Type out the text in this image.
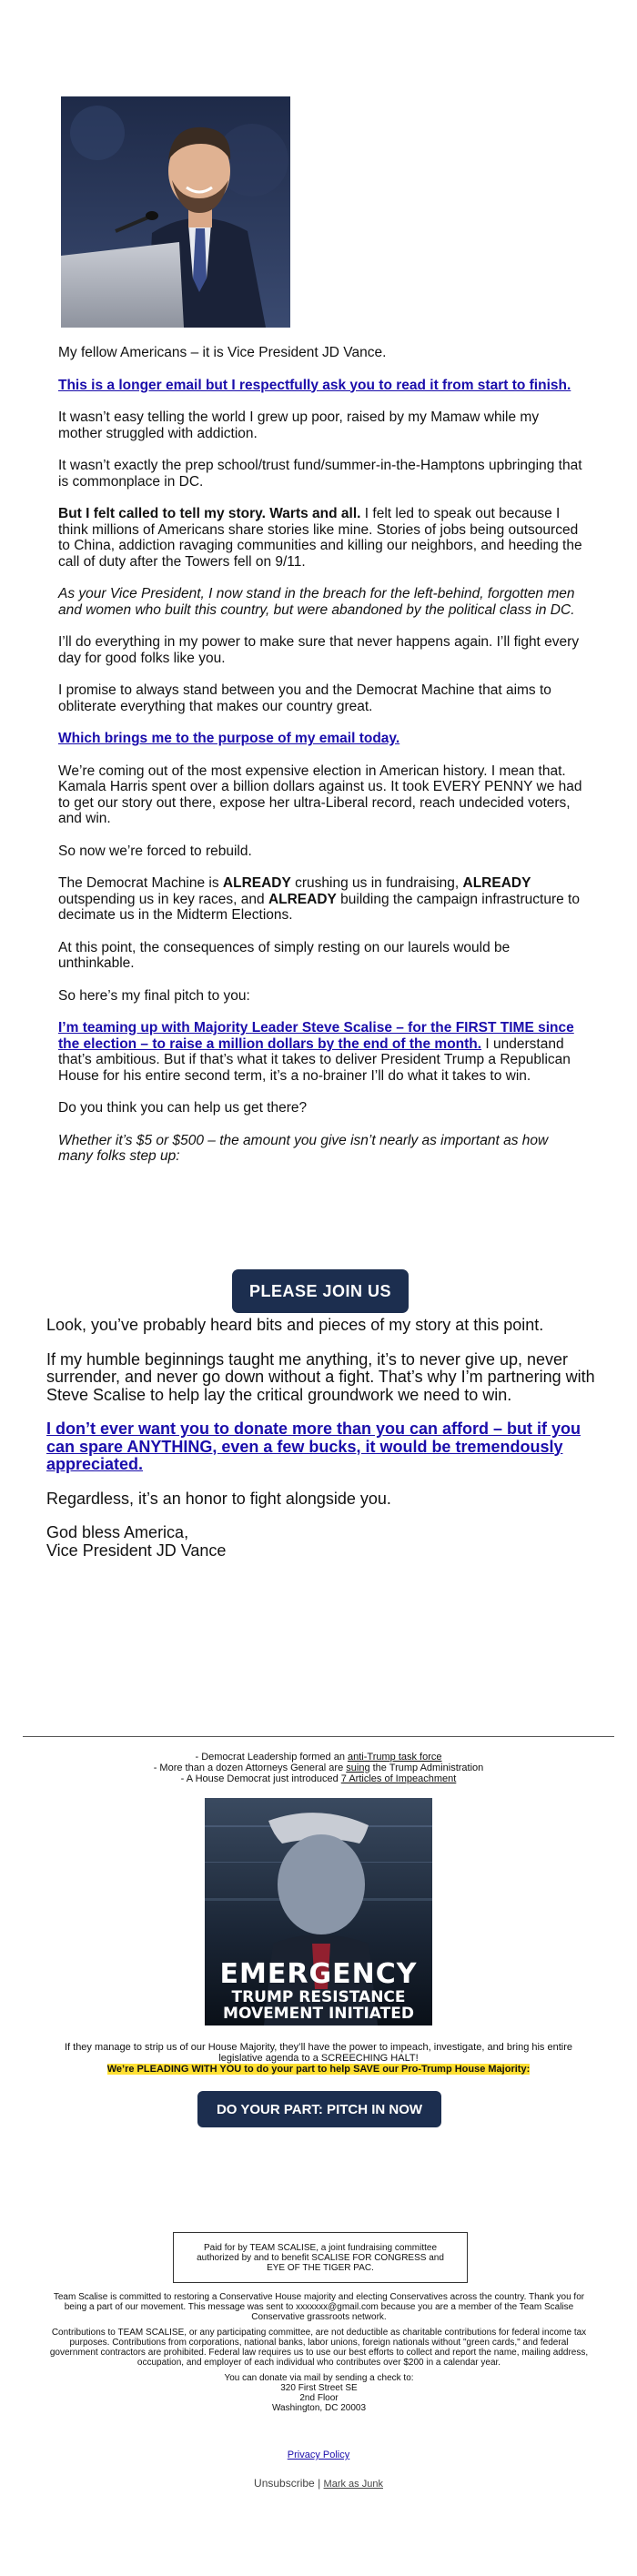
My fellow Americans – it is Vice President JD Vance.

This is a longer email but I respectfully ask you to read it from start to finish.

It wasn’t easy telling the world I grew up poor, raised by my Mamaw while my mother struggled with addiction.

It wasn’t exactly the prep school/trust fund/summer-in-the-Hamptons upbringing that is commonplace in DC.

But I felt called to tell my story. Warts and all. I felt led to speak out because I think millions of Americans share stories like mine. Stories of jobs being outsourced to China, addiction ravaging communities and killing our neighbors, and heeding the call of duty after the Towers fell on 9/11.

As your Vice President, I now stand in the breach for the left-behind, forgotten men and women who built this country, but were abandoned by the political class in DC.

I’ll do everything in my power to make sure that never happens again. I’ll fight every day for good folks like you.

I promise to always stand between you and the Democrat Machine that aims to obliterate everything that makes our country great.

Which brings me to the purpose of my email today.

We’re coming out of the most expensive election in American history. I mean that. Kamala Harris spent over a billion dollars against us. It took EVERY PENNY we had to get our story out there, expose her ultra-Liberal record, reach undecided voters, and win.

So now we’re forced to rebuild.

The Democrat Machine is ALREADY crushing us in fundraising, ALREADY outspending us in key races, and ALREADY building the campaign infrastructure to decimate us in the Midterm Elections.

At this point, the consequences of simply resting on our laurels would be unthinkable.

So here’s my final pitch to you:

I’m teaming up with Majority Leader Steve Scalise – for the FIRST TIME since the election – to raise a million dollars by the end of the month. I understand that’s ambitious. But if that’s what it takes to deliver President Trump a Republican House for his entire second term, it’s a no-brainer I’ll do what it takes to win.

Do you think you can help us get there?

Whether it’s $5 or $500 – the amount you give isn’t nearly as important as how many folks step up:

PLEASE JOIN US

Look, you’ve probably heard bits and pieces of my story at this point.

If my humble beginnings taught me anything, it’s to never give up, never surrender, and never go down without a fight. That’s why I’m partnering with Steve Scalise to help lay the critical groundwork we need to win.

I don’t ever want you to donate more than you can afford – but if you can spare ANYTHING, even a few bucks, it would be tremendously appreciated.

Regardless, it’s an honor to fight alongside you.

God bless America,
Vice President JD Vance

- Democrat Leadership formed an anti-Trump task force
- More than a dozen Attorneys General are suing the Trump Administration
- A House Democrat just introduced 7 Articles of Impeachment
EMERGENCY
TRUMP RESISTANCE
MOVEMENT INITIATED
If they manage to strip us of our House Majority, they’ll have the power to impeach, investigate, and bring his entire legislative agenda to a SCREECHING HALT!
We’re PLEADING WITH YOU to do your part to help SAVE our Pro-Trump House Majority:
DO YOUR PART: PITCH IN NOW
Paid for by TEAM SCALISE, a joint fundraising committee
authorized by and to benefit SCALISE FOR CONGRESS and
EYE OF THE TIGER PAC.

Team Scalise is committed to restoring a Conservative House majority and electing Conservatives across the country. Thank you for being a part of our movement. This message was sent to xxxxxxx@gmail.com because you are a member of the Team Scalise Conservative grassroots network.

Contributions to TEAM SCALISE, or any participating committee, are not deductible as charitable contributions for federal income tax purposes. Contributions from corporations, national banks, labor unions, foreign nationals without "green cards," and federal government contractors are prohibited. Federal law requires us to use our best efforts to collect and report the name, mailing address, occupation, and employer of each individual who contributes over $200 in a calendar year.

You can donate via mail by sending a check to:
320 First Street SE
2nd Floor
Washington, DC 20003
Privacy Policy
Unsubscribe | Mark as Junk
